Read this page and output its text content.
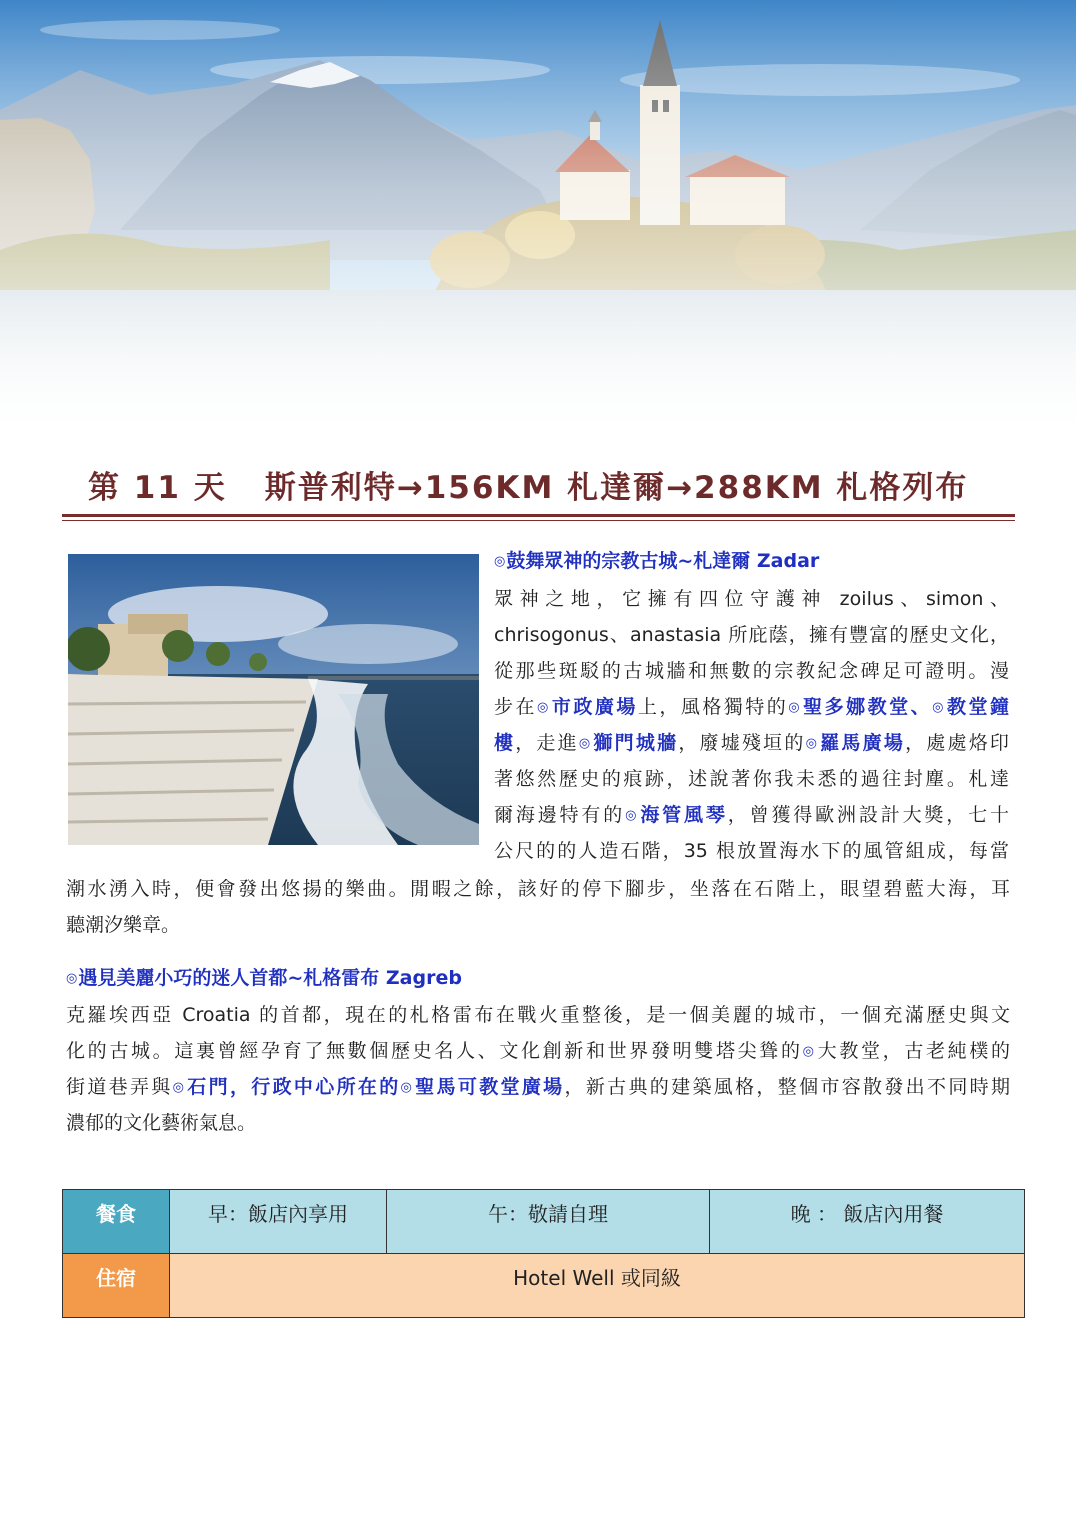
第 11 天 斯普利特→156KM 札達爾→288KM 札格列布
◎鼓舞眾神的宗教古城~札達爾 Zadar
眾神之地，它擁有四位守護神 zoilus、simon、
chrisogonus、anastasia 所庇蔭，擁有豐富的歷史文化，
從那些斑駁的古城牆和無數的宗教紀念碑足可證明。漫
步在◎市政廣場上，風格獨特的◎聖多娜教堂、◎教堂鐘
樓，走進◎獅門城牆，廢墟殘垣的◎羅馬廣場，處處烙印
著悠然歷史的痕跡，述說著你我未悉的過往封塵。札達
爾海邊特有的◎海管風琴，曾獲得歐洲設計大獎，七十
公尺的的人造石階，35 根放置海水下的風管組成，每當
潮水湧入時，便會發出悠揚的樂曲。閒暇之餘，該好的停下腳步，坐落在石階上，眼望碧藍大海，耳
聽潮汐樂章。
◎遇見美麗小巧的迷人首都~札格雷布 Zagreb
克羅埃西亞 Croatia 的首都，現在的札格雷布在戰火重整後，是一個美麗的城市，一個充滿歷史與文
化的古城。這裏曾經孕育了無數個歷史名人、文化創新和世界發明雙塔尖聳的◎大教堂，古老純樸的
街道巷弄與◎石門，行政中心所在的◎聖馬可教堂廣場，新古典的建築風格，整個市容散發出不同時期
濃郁的文化藝術氣息。
餐食	早：飯店內享用	午：敬請自理	晚 ： 飯店內用餐
住宿	Hotel Well 或同級		
